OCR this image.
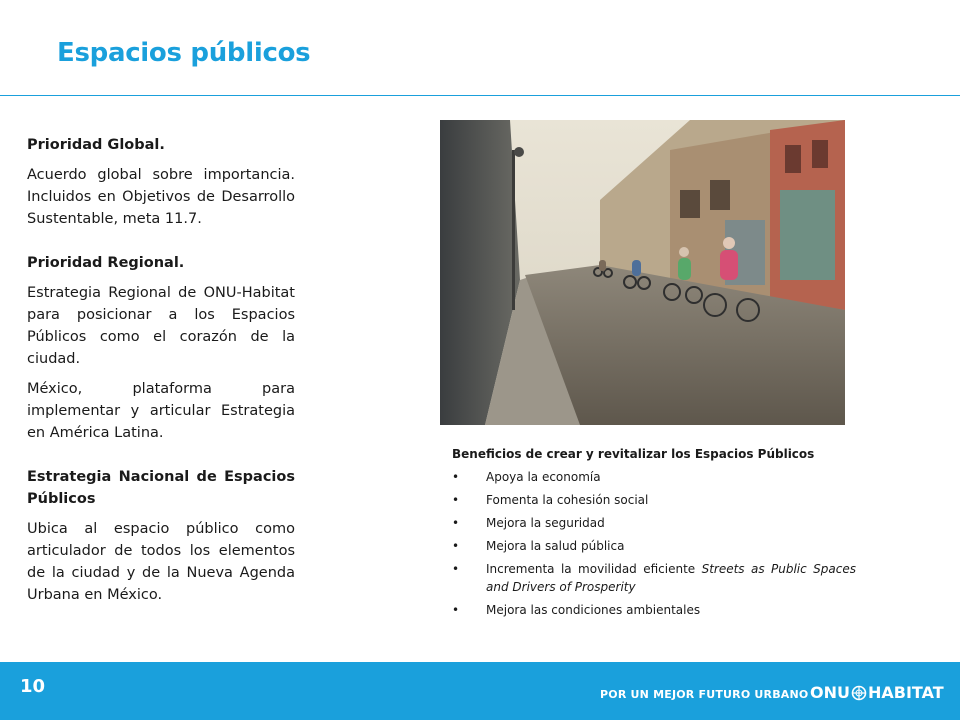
Espacios públicos

Prioridad Global.

Acuerdo global sobre importancia. Incluidos en Objetivos de Desarrollo Sustentable, meta 11.7.

Prioridad Regional.

Estrategia Regional de ONU-Habitat para posicionar a los Espacios Públicos como el corazón de la ciudad.

México, plataforma para implementar y articular Estrategia en América Latina.

Estrategia Nacional de Espacios Públicos

Ubica al espacio público como articulador de todos los elementos de la ciudad y de la Nueva Agenda Urbana en México.

Beneficios de crear y revitalizar los Espacios Públicos

• Apoya la economía
• Fomenta la cohesión social
• Mejora la seguridad
• Mejora la salud pública
• Incrementa la movilidad eficiente Streets as Public Spaces and Drivers of Prosperity
• Mejora las condiciones ambientales
10	POR UN MEJOR FUTURO URBANO ONU HABITAT
